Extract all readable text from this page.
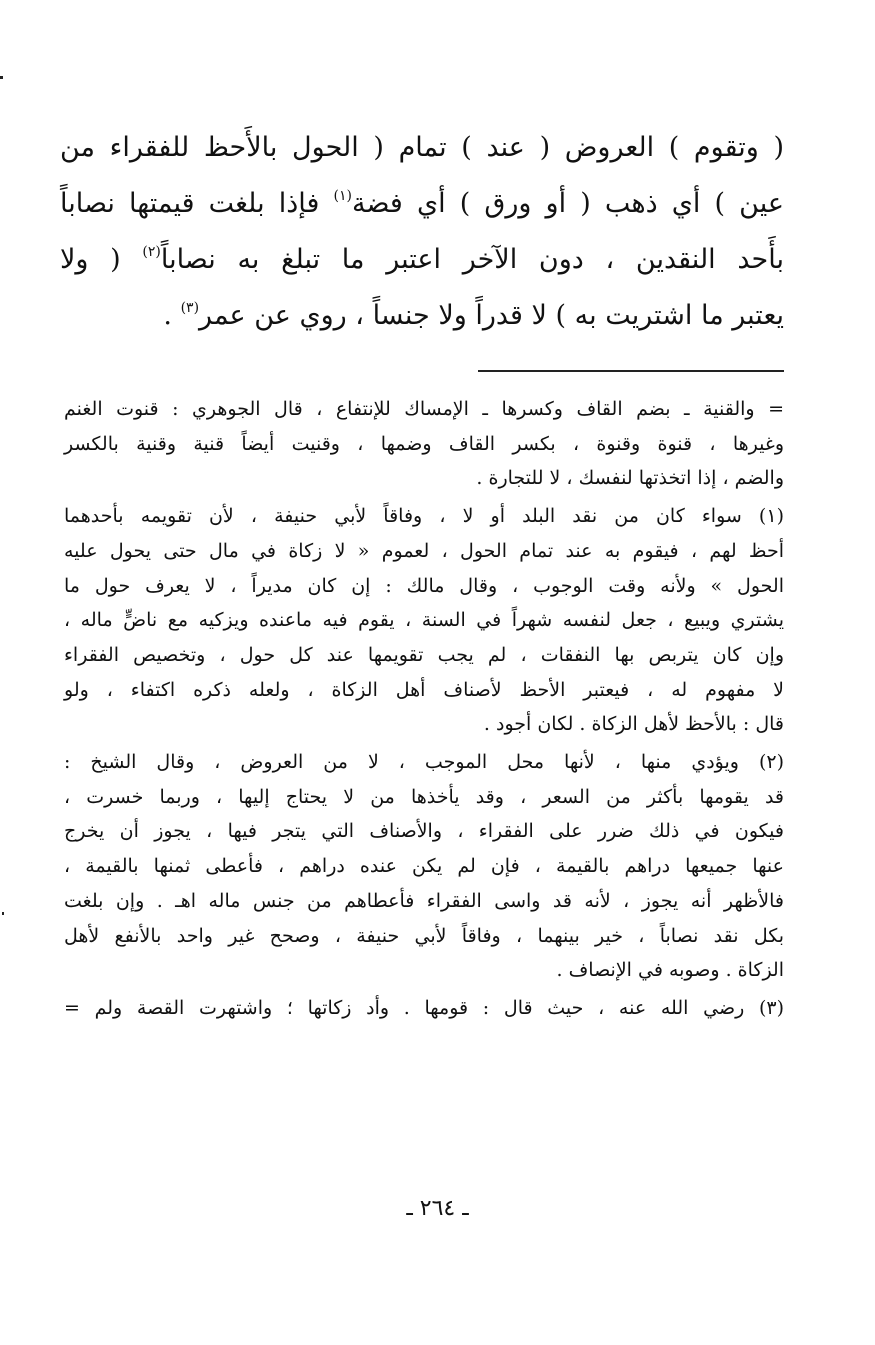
( وتقوم ) العروض ( عند ) تمام ( الحول بالأَحظ للفقراء من

عين ) أي ذهب ( أو ورق ) أي فضة$^{(١)}$ فإذا بلغت قيمتها نصاباً

بأَحد النقدين ، دون الآخر اعتبر ما تبلغ به نصاباً$^{(٢)}$ ( ولا

يعتبر ما اشتريت به ) لا قدراً ولا جنساً ، روي عن عمر$^{(٣)}$ .

= والقنية ـ بضم القاف وكسرها ـ الإمساك للإنتفاع ، قال الجوهري : قنوت الغنم
وغيرها ، قنوة وقنوة ، بكسر القاف وضمها ، وقنيت أيضاً قنية وقنية بالكسر
والضم ، إذا اتخذتها لنفسك ، لا للتجارة .
(١) سواء كان من نقد البلد أو لا ، وفاقاً لأبي حنيفة ، لأن تقويمه بأحدهما
أحظ لهم ، فيقوم به عند تمام الحول ، لعموم « لا زكاة في مال حتى يحول عليه
الحول » ولأنه وقت الوجوب ، وقال مالك : إن كان مديراً ، لا يعرف حول ما
يشتري ويبيع ، جعل لنفسه شهراً في السنة ، يقوم فيه ماعنده ويزكيه مع ناضٍّ ماله ،
وإن كان يتربص بها النفقات ، لم يجب تقويمها عند كل حول ، وتخصيص الفقراء
لا مفهوم له ، فيعتبر الأحظ لأصناف أهل الزكاة ، ولعله ذكره اكتفاء ، ولو
قال : بالأحظ لأهل الزكاة . لكان أجود .
(٢) ويؤدي منها ، لأنها محل الموجب ، لا من العروض ، وقال الشيخ :
قد يقومها بأكثر من السعر ، وقد يأخذها من لا يحتاج إليها ، وربما خسرت ،
فيكون في ذلك ضرر على الفقراء ، والأصناف التي يتجر فيها ، يجوز أن يخرج
عنها جميعها دراهم بالقيمة ، فإن لم يكن عنده دراهم ، فأعطى ثمنها بالقيمة ،
فالأظهر أنه يجوز ، لأنه قد واسى الفقراء فأعطاهم من جنس ماله اهـ . وإن بلغت
بكل نقد نصاباً ، خير بينهما ، وفاقاً لأبي حنيفة ، وصحح غير واحد بالأنفع لأهل
الزكاة . وصوبه في الإنصاف .
(٣) رضي الله عنه ، حيث قال : قومها . وأد زكاتها ؛ واشتهرت القصة ولم =
ـ ٢٦٤ ـ
